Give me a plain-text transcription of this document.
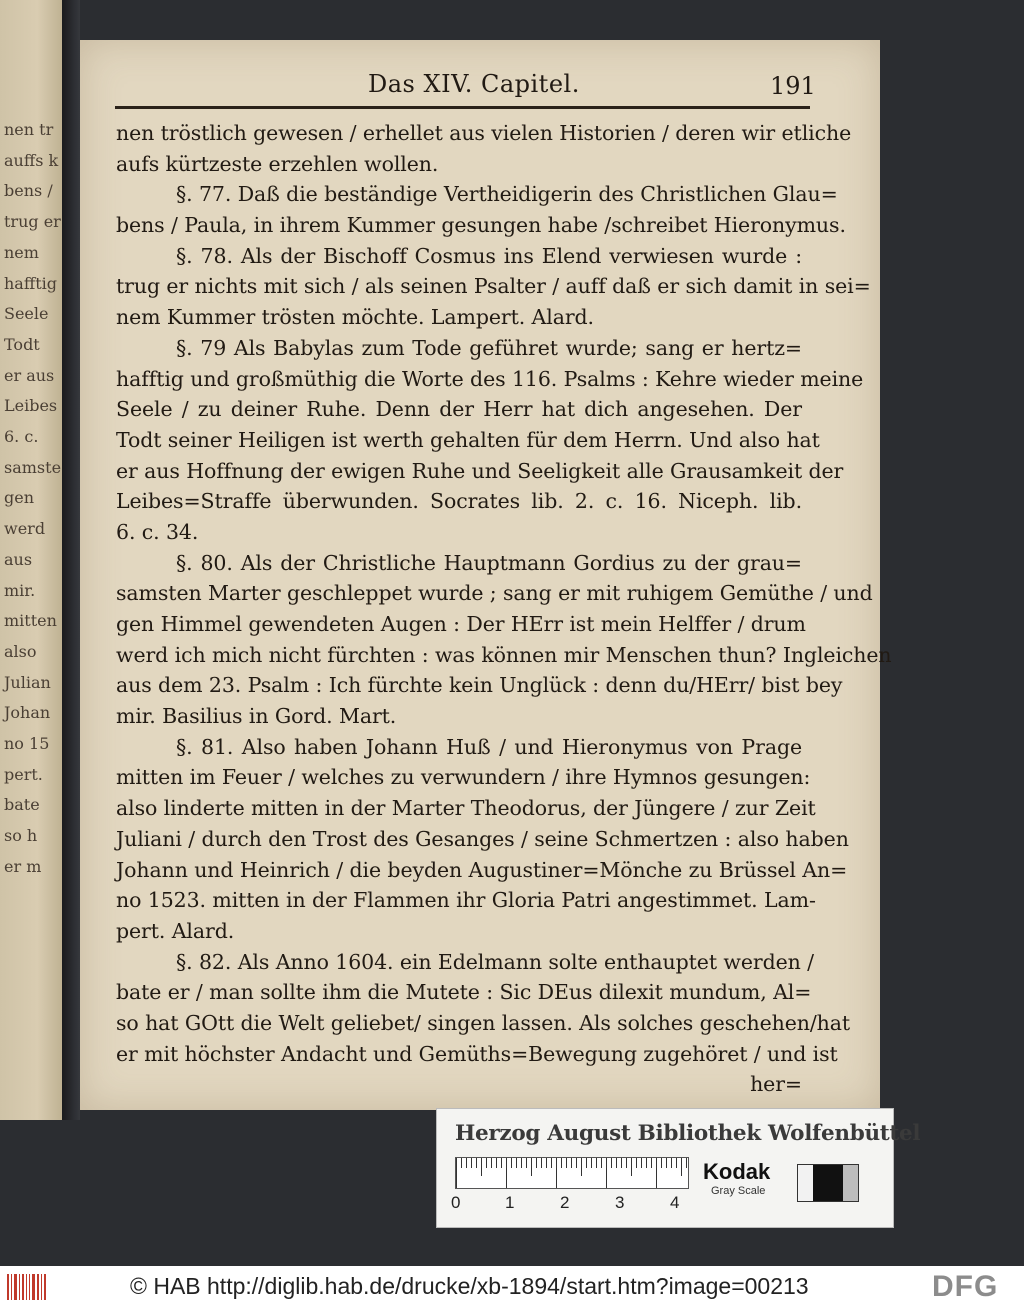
nen tr
auffs k
bens /
trug er
nem
hafftig
Seele
Todt
er aus
Leibes
6. c.
samste
gen
werd
aus
mir.
mitten
also
Julian
Johan
no 15
pert.
bate
so h
er m
Das XIV. Capitel.	191
nen tröstlich gewesen / erhellet aus vielen Historien / deren wir etliche
aufs kürtzeste erzehlen wollen.
§. 77. Daß die beständige Vertheidigerin des Christlichen Glau=
bens / Paula, in ihrem Kummer gesungen habe /schreibet Hieronymus.
§. 78. Als der Bischoff Cosmus ins Elend verwiesen wurde :
trug er nichts mit sich / als seinen Psalter / auff daß er sich damit in sei=
nem Kummer trösten möchte. Lampert. Alard.
§. 79 Als Babylas zum Tode geführet wurde; sang er hertz=
hafftig und großmüthig die Worte des 116. Psalms : Kehre wieder meine
Seele / zu deiner Ruhe. Denn der Herr hat dich angesehen. Der
Todt seiner Heiligen ist werth gehalten für dem Herrn. Und also hat
er aus Hoffnung der ewigen Ruhe und Seeligkeit alle Grausamkeit der
Leibes=Straffe überwunden. Socrates lib. 2. c. 16. Niceph. lib.
6. c. 34.
§. 80. Als der Christliche Hauptmann Gordius zu der grau=
samsten Marter geschleppet wurde ; sang er mit ruhigem Gemüthe / und
gen Himmel gewendeten Augen : Der HErr ist mein Helffer / drum
werd ich mich nicht fürchten : was können mir Menschen thun? Ingleichen
aus dem 23. Psalm : Ich fürchte kein Unglück : denn du/HErr/ bist bey
mir. Basilius in Gord. Mart.
§. 81. Also haben Johann Huß / und Hieronymus von Prage
mitten im Feuer / welches zu verwundern / ihre Hymnos gesungen:
also linderte mitten in der Marter Theodorus, der Jüngere / zur Zeit
Juliani / durch den Trost des Gesanges / seine Schmertzen : also haben
Johann und Heinrich / die beyden Augustiner=Mönche zu Brüssel An=
no 1523. mitten in der Flammen ihr Gloria Patri angestimmet. Lam-
pert. Alard.
§. 82. Als Anno 1604. ein Edelmann solte enthauptet werden /
bate er / man sollte ihm die Mutete : Sic DEus dilexit mundum, Al=
so hat GOtt die Welt geliebet/ singen lassen. Als solches geschehen/hat
er mit höchster Andacht und Gemüths=Bewegung zugehöret / und ist
her=
Herzog August Bibliothek Wolfenbüttel
0	1	2	3	4
Kodak
Gray Scale
© HAB http://diglib.hab.de/drucke/xb-1894/start.htm?image=00213	DFG
